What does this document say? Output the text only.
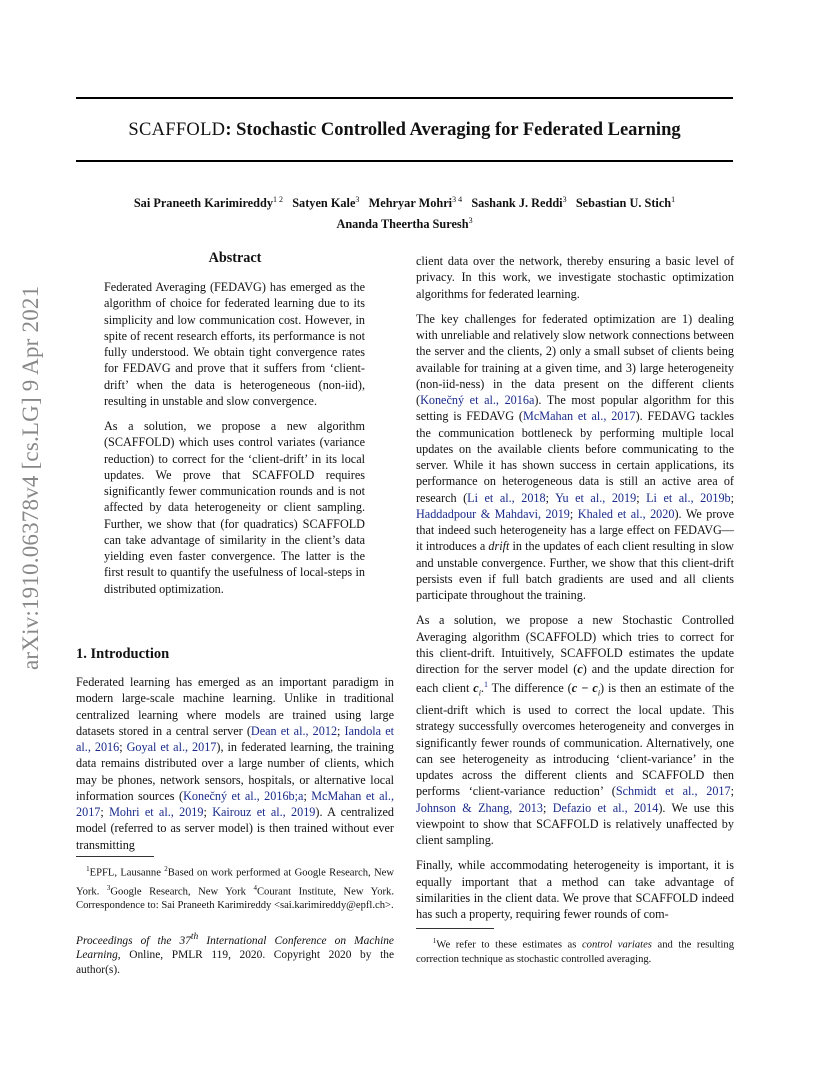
arXiv:1910.06378v4 [cs.LG] 9 Apr 2021
SCAFFOLD: Stochastic Controlled Averaging for Federated Learning
Sai Praneeth Karimireddy$^{1 2}$ Satyen Kale$^3$ Mehryar Mohri$^{3 4}$ Sashank J. Reddi$^3$ Sebastian U. Stich$^1$
Ananda Theertha Suresh$^3$
Abstract

Federated Averaging (FEDAVG) has emerged as the algorithm of choice for federated learning due to its simplicity and low communication cost. However, in spite of recent research efforts, its performance is not fully understood. We obtain tight convergence rates for FEDAVG and prove that it suffers from ‘client-drift’ when the data is heterogeneous (non-iid), resulting in unstable and slow convergence.

As a solution, we propose a new algorithm (SCAFFOLD) which uses control variates (variance reduction) to correct for the ‘client-drift’ in its local updates. We prove that SCAFFOLD requires significantly fewer communication rounds and is not affected by data heterogeneity or client sampling. Further, we show that (for quadratics) SCAFFOLD can take advantage of similarity in the client’s data yielding even faster convergence. The latter is the first result to quantify the usefulness of local-steps in distributed optimization.

1. Introduction

Federated learning has emerged as an important paradigm in modern large-scale machine learning. Unlike in traditional centralized learning where models are trained using large datasets stored in a central server (Dean et al., 2012; Iandola et al., 2016; Goyal et al., 2017), in federated learning, the training data remains distributed over a large number of clients, which may be phones, network sensors, hospitals, or alternative local information sources (Konečný et al., 2016b;a; McMahan et al., 2017; Mohri et al., 2019; Kairouz et al., 2019). A centralized model (referred to as server model) is then trained without ever transmitting

$^1$EPFL, Lausanne $^2$Based on work performed at Google Research, New York. $^3$Google Research, New York $^4$Courant Institute, New York. Correspondence to: Sai Praneeth Karimireddy <sai.karimireddy@epfl.ch>.
Proceedings of the 37th International Conference on Machine Learning, Online, PMLR 119, 2020. Copyright 2020 by the author(s).

client data over the network, thereby ensuring a basic level of privacy. In this work, we investigate stochastic optimization algorithms for federated learning.

The key challenges for federated optimization are 1) dealing with unreliable and relatively slow network connections between the server and the clients, 2) only a small subset of clients being available for training at a given time, and 3) large heterogeneity (non-iid-ness) in the data present on the different clients (Konečný et al., 2016a). The most popular algorithm for this setting is FEDAVG (McMahan et al., 2017). FEDAVG tackles the communication bottleneck by performing multiple local updates on the available clients before communicating to the server. While it has shown success in certain applications, its performance on heterogeneous data is still an active area of research (Li et al., 2018; Yu et al., 2019; Li et al., 2019b; Haddadpour & Mahdavi, 2019; Khaled et al., 2020). We prove that indeed such heterogeneity has a large effect on FEDAVG—it introduces a drift in the updates of each client resulting in slow and unstable convergence. Further, we show that this client-drift persists even if full batch gradients are used and all clients participate throughout the training.

As a solution, we propose a new Stochastic Controlled Averaging algorithm (SCAFFOLD) which tries to correct for this client-drift. Intuitively, SCAFFOLD estimates the update direction for the server model (c) and the update direction for each client $c_i.^1$ The difference $(c - c_i)$ is then an estimate of the client-drift which is used to correct the local update. This strategy successfully overcomes heterogeneity and converges in significantly fewer rounds of communication. Alternatively, one can see heterogeneity as introducing ‘client-variance’ in the updates across the different clients and SCAFFOLD then performs ‘client-variance reduction’ (Schmidt et al., 2017; Johnson & Zhang, 2013; Defazio et al., 2014). We use this viewpoint to show that SCAFFOLD is relatively unaffected by client sampling.

Finally, while accommodating heterogeneity is important, it is equally important that a method can take advantage of similarities in the client data. We prove that SCAFFOLD indeed has such a property, requiring fewer rounds of com-

$^1$We refer to these estimates as control variates and the resulting correction technique as stochastic controlled averaging.
